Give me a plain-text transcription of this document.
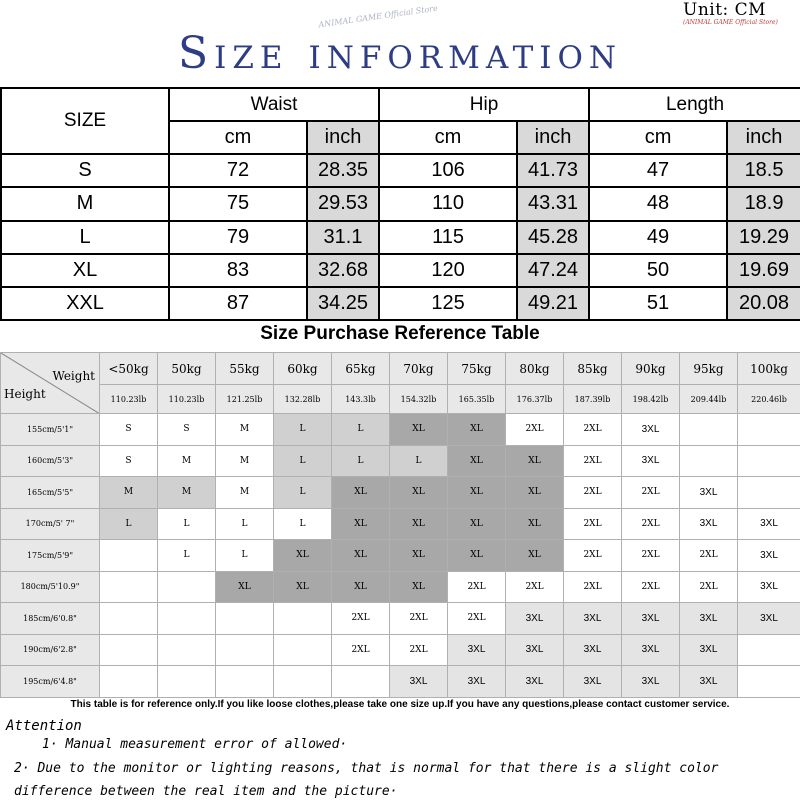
Unit: CM
(ANIMAL GAME Official Store)
ANIMAL GAME Official Store
Size information
SIZE	Waist		Hip		Length	
	cm	inch	cm	inch	cm	inch
S	72	28.35	106	41.73	47	18.5
M	75	29.53	110	43.31	48	18.9
L	79	31.1	115	45.28	49	19.29
XL	83	32.68	120	47.24	50	19.69
XXL	87	34.25	125	49.21	51	20.08
Size Purchase Reference Table
Weight
Height	<50kg	50kg	55kg	60kg	65kg	70kg	75kg	80kg	85kg	90kg	95kg	100kg
	110.23lb	110.23lb	121.25lb	132.28lb	143.3lb	154.32lb	165.35lb	176.37lb	187.39lb	198.42lb	209.44lb	220.46lb
155cm/5'1"	S	S	M	L	L	XL	XL	2XL	2XL	3XL		
160cm/5'3"	S	M	M	L	L	L	XL	XL	2XL	3XL		
165cm/5'5"	M	M	M	L	XL	XL	XL	XL	2XL	2XL	3XL	
170cm/5' 7"	L	L	L	L	XL	XL	XL	XL	2XL	2XL	3XL	3XL
175cm/5'9"		L	L	XL	XL	XL	XL	XL	2XL	2XL	2XL	3XL
180cm/5'10.9"			XL	XL	XL	XL	2XL	2XL	2XL	2XL	2XL	3XL
185cm/6'0.8"					2XL	2XL	2XL	3XL	3XL	3XL	3XL	3XL
190cm/6'2.8"					2XL	2XL	3XL	3XL	3XL	3XL	3XL	
195cm/6'4.8"						3XL	3XL	3XL	3XL	3XL	3XL	
This table is for reference only.If you like loose clothes,please take one size up.If you have any questions,please contact customer service.
Attention
1· Manual measurement error of allowed·
2· Due to the monitor or lighting reasons, that is normal for that there is a slight color
difference between the real item and the picture·
